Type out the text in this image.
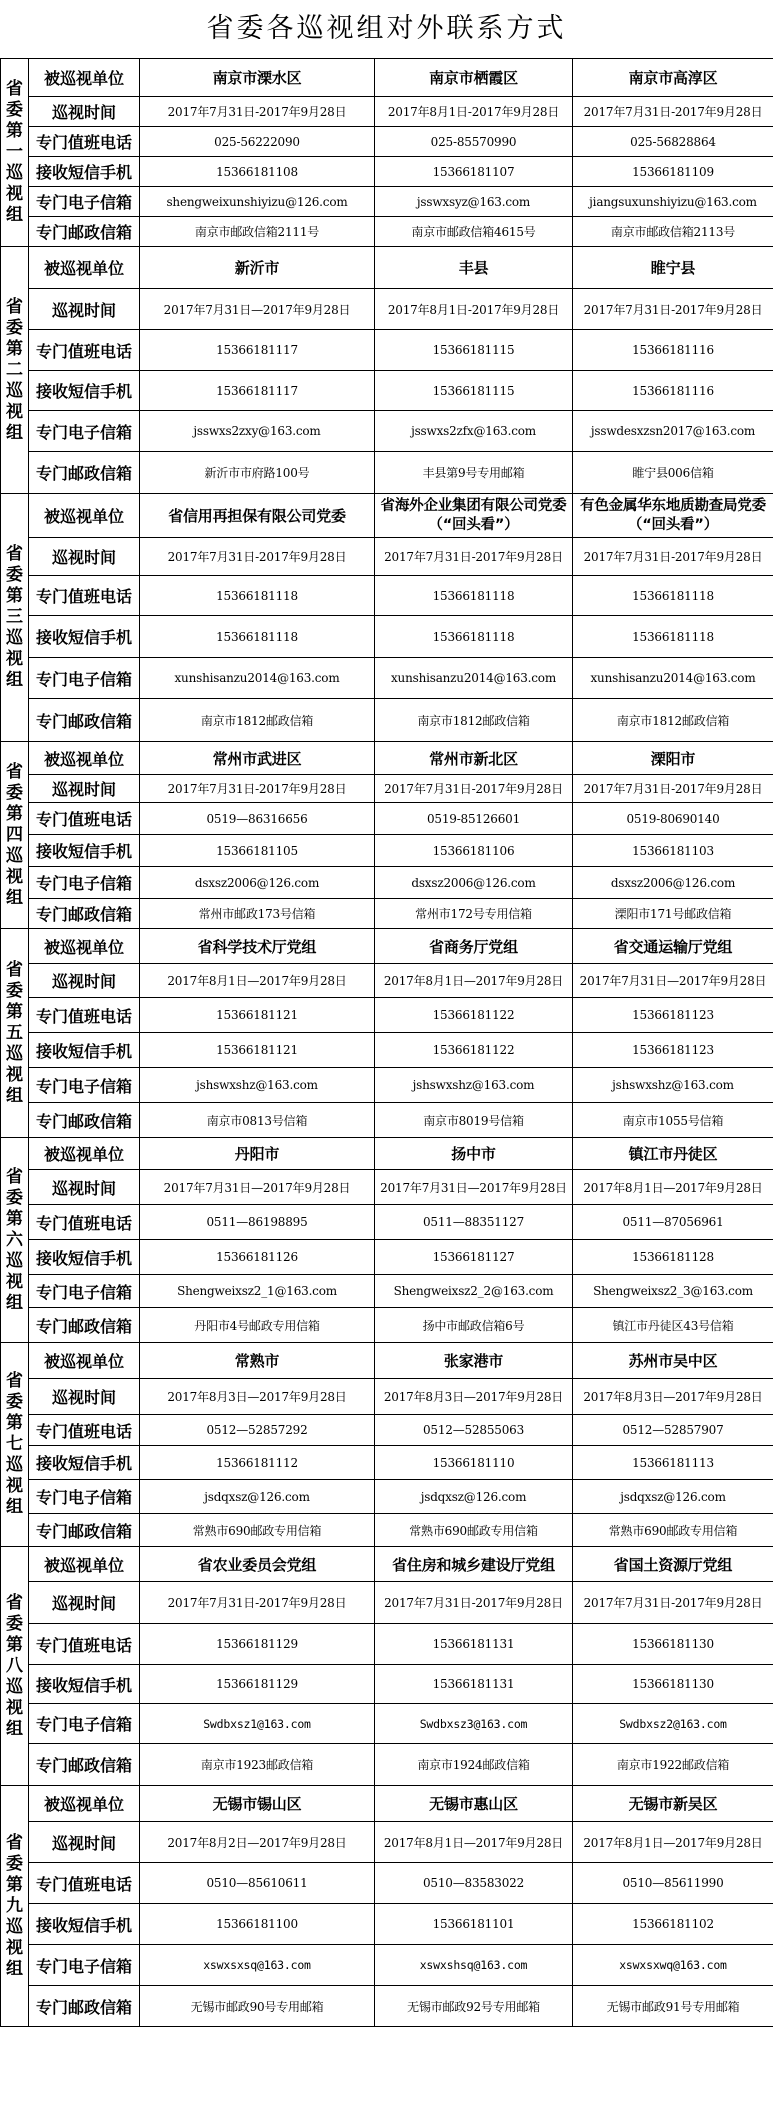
省委各巡视组对外联系方式
省委第一巡视组	被巡视单位	南京市溧水区	南京市栖霞区	南京市高淳区
	巡视时间	2017年7月31日-2017年9月28日	2017年8月1日-2017年9月28日	2017年7月31日-2017年9月28日
	专门值班电话	025-56222090	025-85570990	025-56828864
	接收短信手机	15366181108	15366181107	15366181109
	专门电子信箱	shengweixunshiyizu@126.com	jsswxsyz@163.com	jiangsuxunshiyizu@163.com
	专门邮政信箱	南京市邮政信箱2111号	南京市邮政信箱4615号	南京市邮政信箱2113号
省委第二巡视组	被巡视单位	新沂市	丰县	睢宁县
	巡视时间	2017年7月31日—2017年9月28日	2017年8月1日-2017年9月28日	2017年7月31日-2017年9月28日
	专门值班电话	15366181117	15366181115	15366181116
	接收短信手机	15366181117	15366181115	15366181116
	专门电子信箱	jsswxs2zxy@163.com	jsswxs2zfx@163.com	jsswdesxzsn2017@163.com
	专门邮政信箱	新沂市市府路100号	丰县第9号专用邮箱	睢宁县006信箱
省委第三巡视组	被巡视单位	省信用再担保有限公司党委	省海外企业集团有限公司党委（“回头看”）	有色金属华东地质勘查局党委（“回头看”）
	巡视时间	2017年7月31日-2017年9月28日	2017年7月31日-2017年9月28日	2017年7月31日-2017年9月28日
	专门值班电话	15366181118	15366181118	15366181118
	接收短信手机	15366181118	15366181118	15366181118
	专门电子信箱	xunshisanzu2014@163.com	xunshisanzu2014@163.com	xunshisanzu2014@163.com
	专门邮政信箱	南京市1812邮政信箱	南京市1812邮政信箱	南京市1812邮政信箱
省委第四巡视组	被巡视单位	常州市武进区	常州市新北区	溧阳市
	巡视时间	2017年7月31日-2017年9月28日	2017年7月31日-2017年9月28日	2017年7月31日-2017年9月28日
	专门值班电话	0519—86316656	0519-85126601	0519-80690140
	接收短信手机	15366181105	15366181106	15366181103
	专门电子信箱	dsxsz2006@126.com	dsxsz2006@126.com	dsxsz2006@126.com
	专门邮政信箱	常州市邮政173号信箱	常州市172号专用信箱	溧阳市171号邮政信箱
省委第五巡视组	被巡视单位	省科学技术厅党组	省商务厅党组	省交通运输厅党组
	巡视时间	2017年8月1日—2017年9月28日	2017年8月1日—2017年9月28日	2017年7月31日—2017年9月28日
	专门值班电话	15366181121	15366181122	15366181123
	接收短信手机	15366181121	15366181122	15366181123
	专门电子信箱	jshswxshz@163.com	jshswxshz@163.com	jshswxshz@163.com
	专门邮政信箱	南京市0813号信箱	南京市8019号信箱	南京市1055号信箱
省委第六巡视组	被巡视单位	丹阳市	扬中市	镇江市丹徒区
	巡视时间	2017年7月31日—2017年9月28日	2017年7月31日—2017年9月28日	2017年8月1日—2017年9月28日
	专门值班电话	0511—86198895	0511—88351127	0511—87056961
	接收短信手机	15366181126	15366181127	15366181128
	专门电子信箱	Shengweixsz2_1@163.com	Shengweixsz2_2@163.com	Shengweixsz2_3@163.com
	专门邮政信箱	丹阳市4号邮政专用信箱	扬中市邮政信箱6号	镇江市丹徒区43号信箱
省委第七巡视组	被巡视单位	常熟市	张家港市	苏州市吴中区
	巡视时间	2017年8月3日—2017年9月28日	2017年8月3日—2017年9月28日	2017年8月3日—2017年9月28日
	专门值班电话	0512—52857292	0512—52855063	0512—52857907
	接收短信手机	15366181112	15366181110	15366181113
	专门电子信箱	jsdqxsz@126.com	jsdqxsz@126.com	jsdqxsz@126.com
	专门邮政信箱	常熟市690邮政专用信箱	常熟市690邮政专用信箱	常熟市690邮政专用信箱
省委第八巡视组	被巡视单位	省农业委员会党组	省住房和城乡建设厅党组	省国土资源厅党组
	巡视时间	2017年7月31日-2017年9月28日	2017年7月31日-2017年9月28日	2017年7月31日-2017年9月28日
	专门值班电话	15366181129	15366181131	15366181130
	接收短信手机	15366181129	15366181131	15366181130
	专门电子信箱	Swdbxsz1@163.com	Swdbxsz3@163.com	Swdbxsz2@163.com
	专门邮政信箱	南京市1923邮政信箱	南京市1924邮政信箱	南京市1922邮政信箱
省委第九巡视组	被巡视单位	无锡市锡山区	无锡市惠山区	无锡市新吴区
	巡视时间	2017年8月2日—2017年9月28日	2017年8月1日—2017年9月28日	2017年8月1日—2017年9月28日
	专门值班电话	0510—85610611	0510—83583022	0510—85611990
	接收短信手机	15366181100	15366181101	15366181102
	专门电子信箱	xswxsxsq@163.com	xswxshsq@163.com	xswxsxwq@163.com
	专门邮政信箱	无锡市邮政90号专用邮箱	无锡市邮政92号专用邮箱	无锡市邮政91号专用邮箱
